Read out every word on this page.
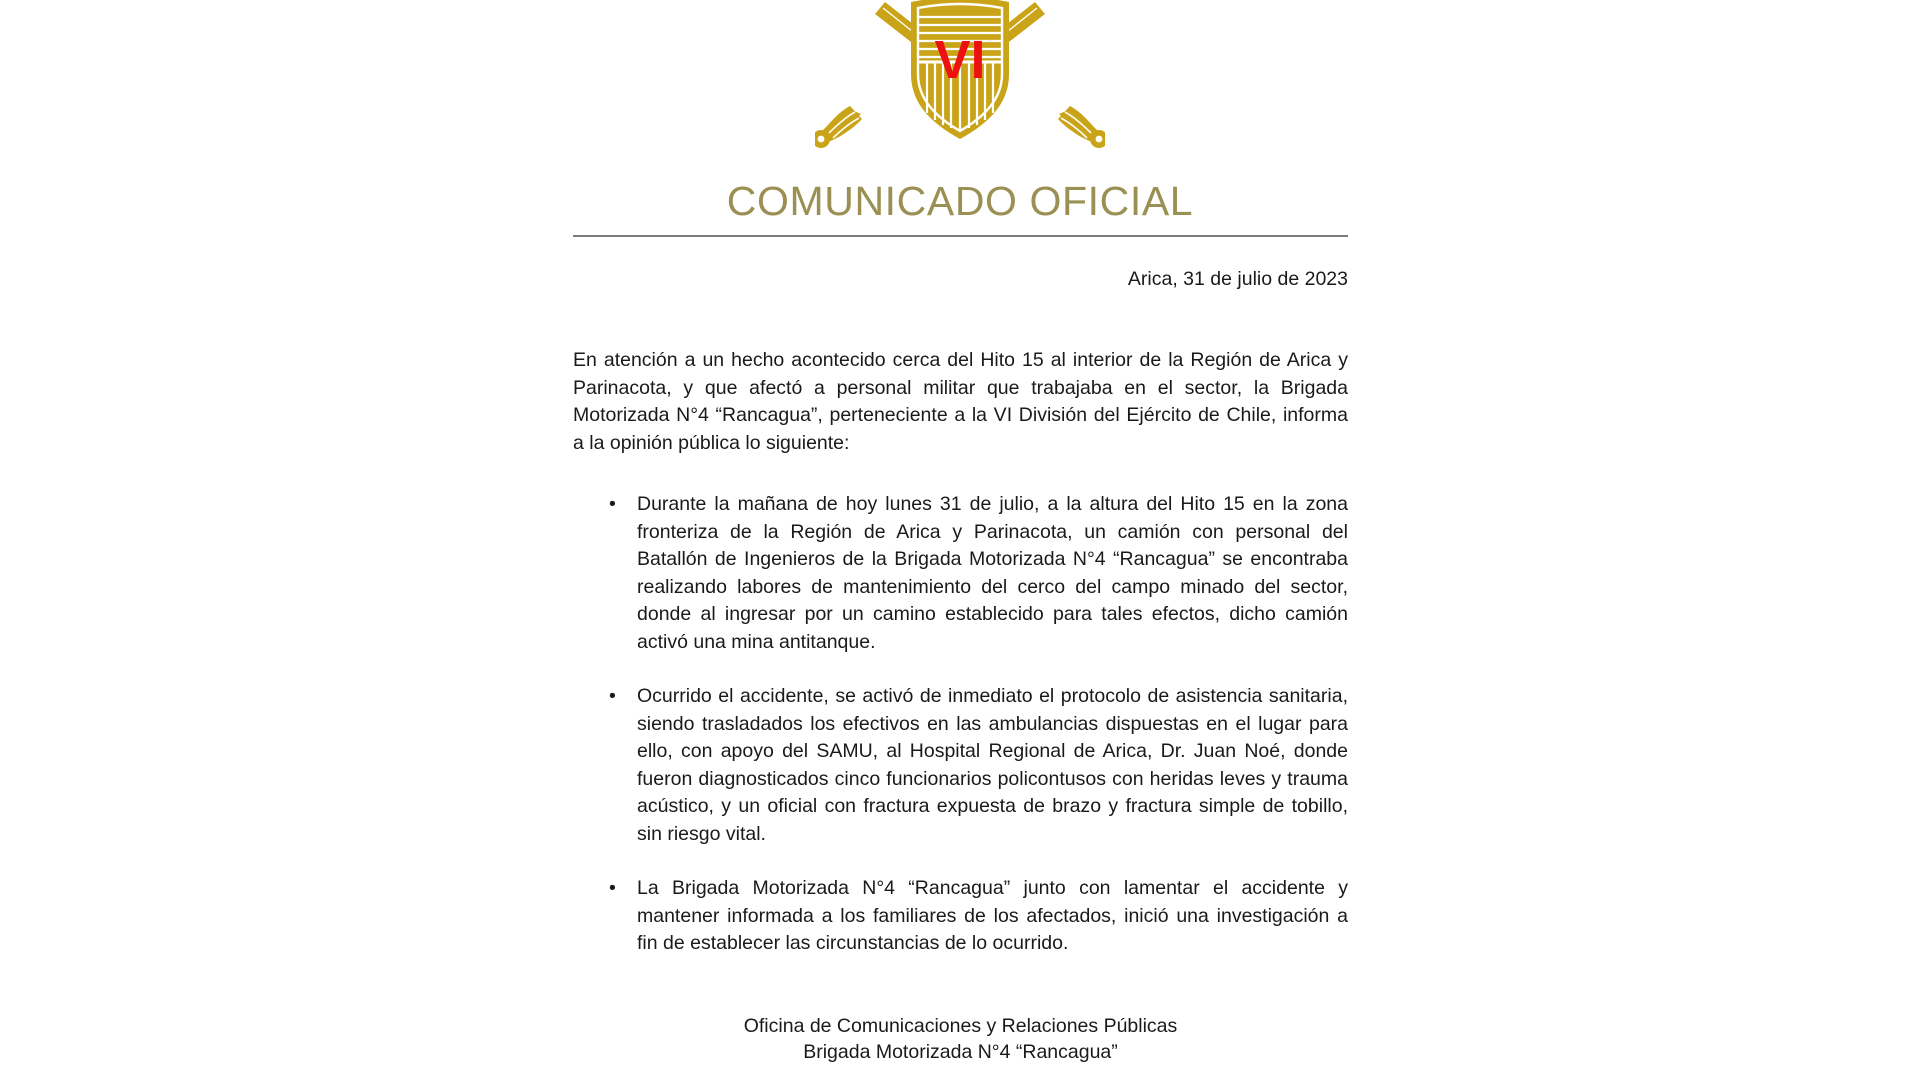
VI
COMUNICADO OFICIAL

Arica, 31 de julio de 2023

En atención a un hecho acontecido cerca del Hito 15 al interior de la Región de Arica y Parinacota, y que afectó a personal militar que trabajaba en el sector, la Brigada Motorizada N°4 “Rancagua”, perteneciente a la VI División del Ejército de Chile, informa a la opinión pública lo siguiente:

•	Durante la mañana de hoy lunes 31 de julio, a la altura del Hito 15 en la zona fronteriza de la Región de Arica y Parinacota, un camión con personal del Batallón de Ingenieros de la Brigada Motorizada N°4 “Rancagua” se encontraba realizando labores de mantenimiento del cerco del campo minado del sector, donde al ingresar por un camino establecido para tales efectos, dicho camión activó una mina antitanque.
•	Ocurrido el accidente, se activó de inmediato el protocolo de asistencia sanitaria, siendo trasladados los efectivos en las ambulancias dispuestas en el lugar para ello, con apoyo del SAMU, al Hospital Regional de Arica, Dr. Juan Noé, donde fueron diagnosticados cinco funcionarios policontusos con heridas leves y trauma acústico, y un oficial con fractura expuesta de brazo y fractura simple de tobillo, sin riesgo vital.
•	La Brigada Motorizada N°4 “Rancagua” junto con lamentar el accidente y mantener informada a los familiares de los afectados, inició una investigación a fin de establecer las circunstancias de lo ocurrido.
Oficina de Comunicaciones y Relaciones Públicas
Brigada Motorizada N°4 “Rancagua”
